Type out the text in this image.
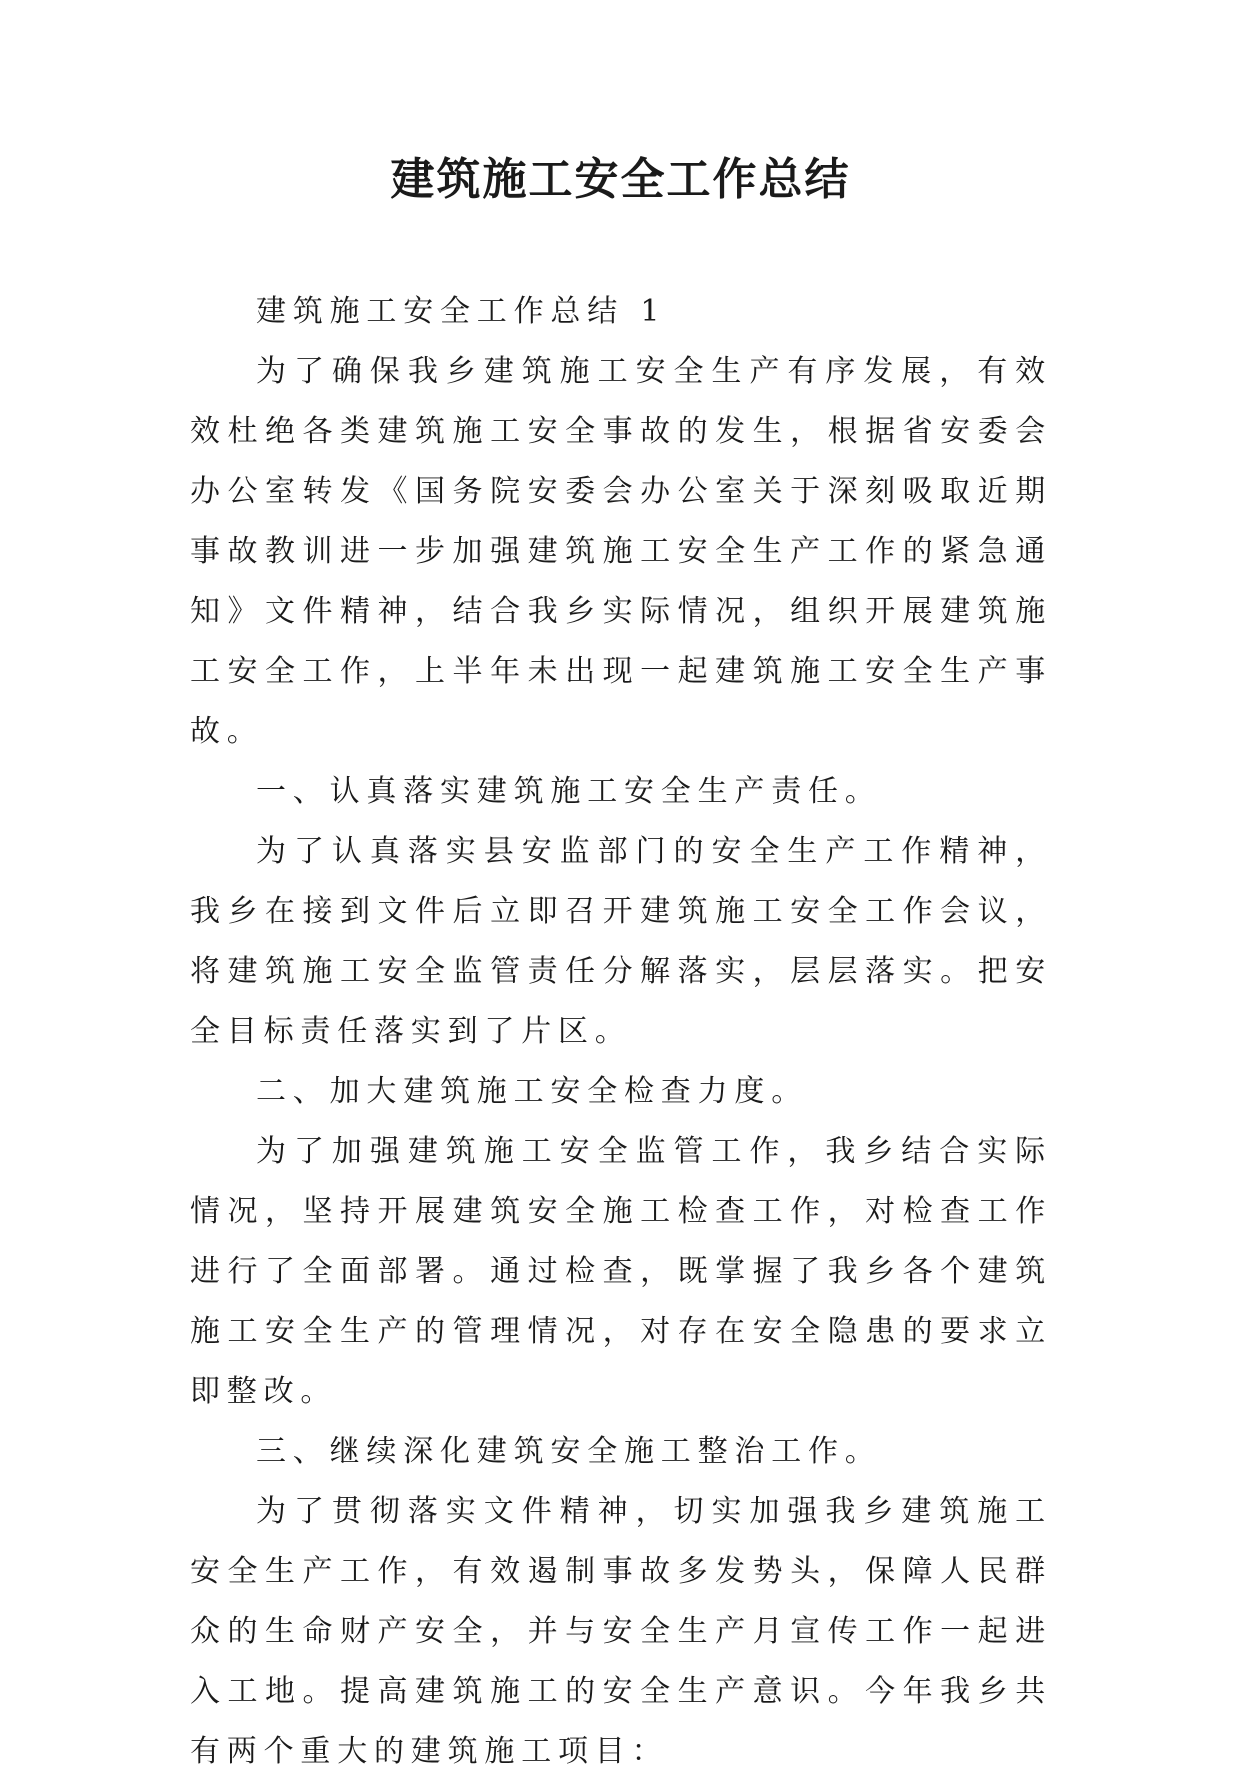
建筑施工安全工作总结

建筑施工安全工作总结 1

为了确保我乡建筑施工安全生产有序发展，有效效杜绝各类建筑施工安全事故的发生，根据省安委会办公室转发《国务院安委会办公室关于深刻吸取近期事故教训进一步加强建筑施工安全生产工作的紧急通知》文件精神，结合我乡实际情况，组织开展建筑施工安全工作，上半年未出现一起建筑施工安全生产事故。

一、认真落实建筑施工安全生产责任。

为了认真落实县安监部门的安全生产工作精神，我乡在接到文件后立即召开建筑施工安全工作会议，将建筑施工安全监管责任分解落实，层层落实。把安全目标责任落实到了片区。

二、加大建筑施工安全检查力度。

为了加强建筑施工安全监管工作，我乡结合实际情况，坚持开展建筑安全施工检查工作，对检查工作进行了全面部署。通过检查，既掌握了我乡各个建筑施工安全生产的管理情况，对存在安全隐患的要求立即整改。

三、继续深化建筑安全施工整治工作。

为了贯彻落实文件精神，切实加强我乡建筑施工安全生产工作，有效遏制事故多发势头，保障人民群众的生命财产安全，并与安全生产月宣传工作一起进入工地。提高建筑施工的安全生产意识。今年我乡共有两个重大的建筑施工项目：
